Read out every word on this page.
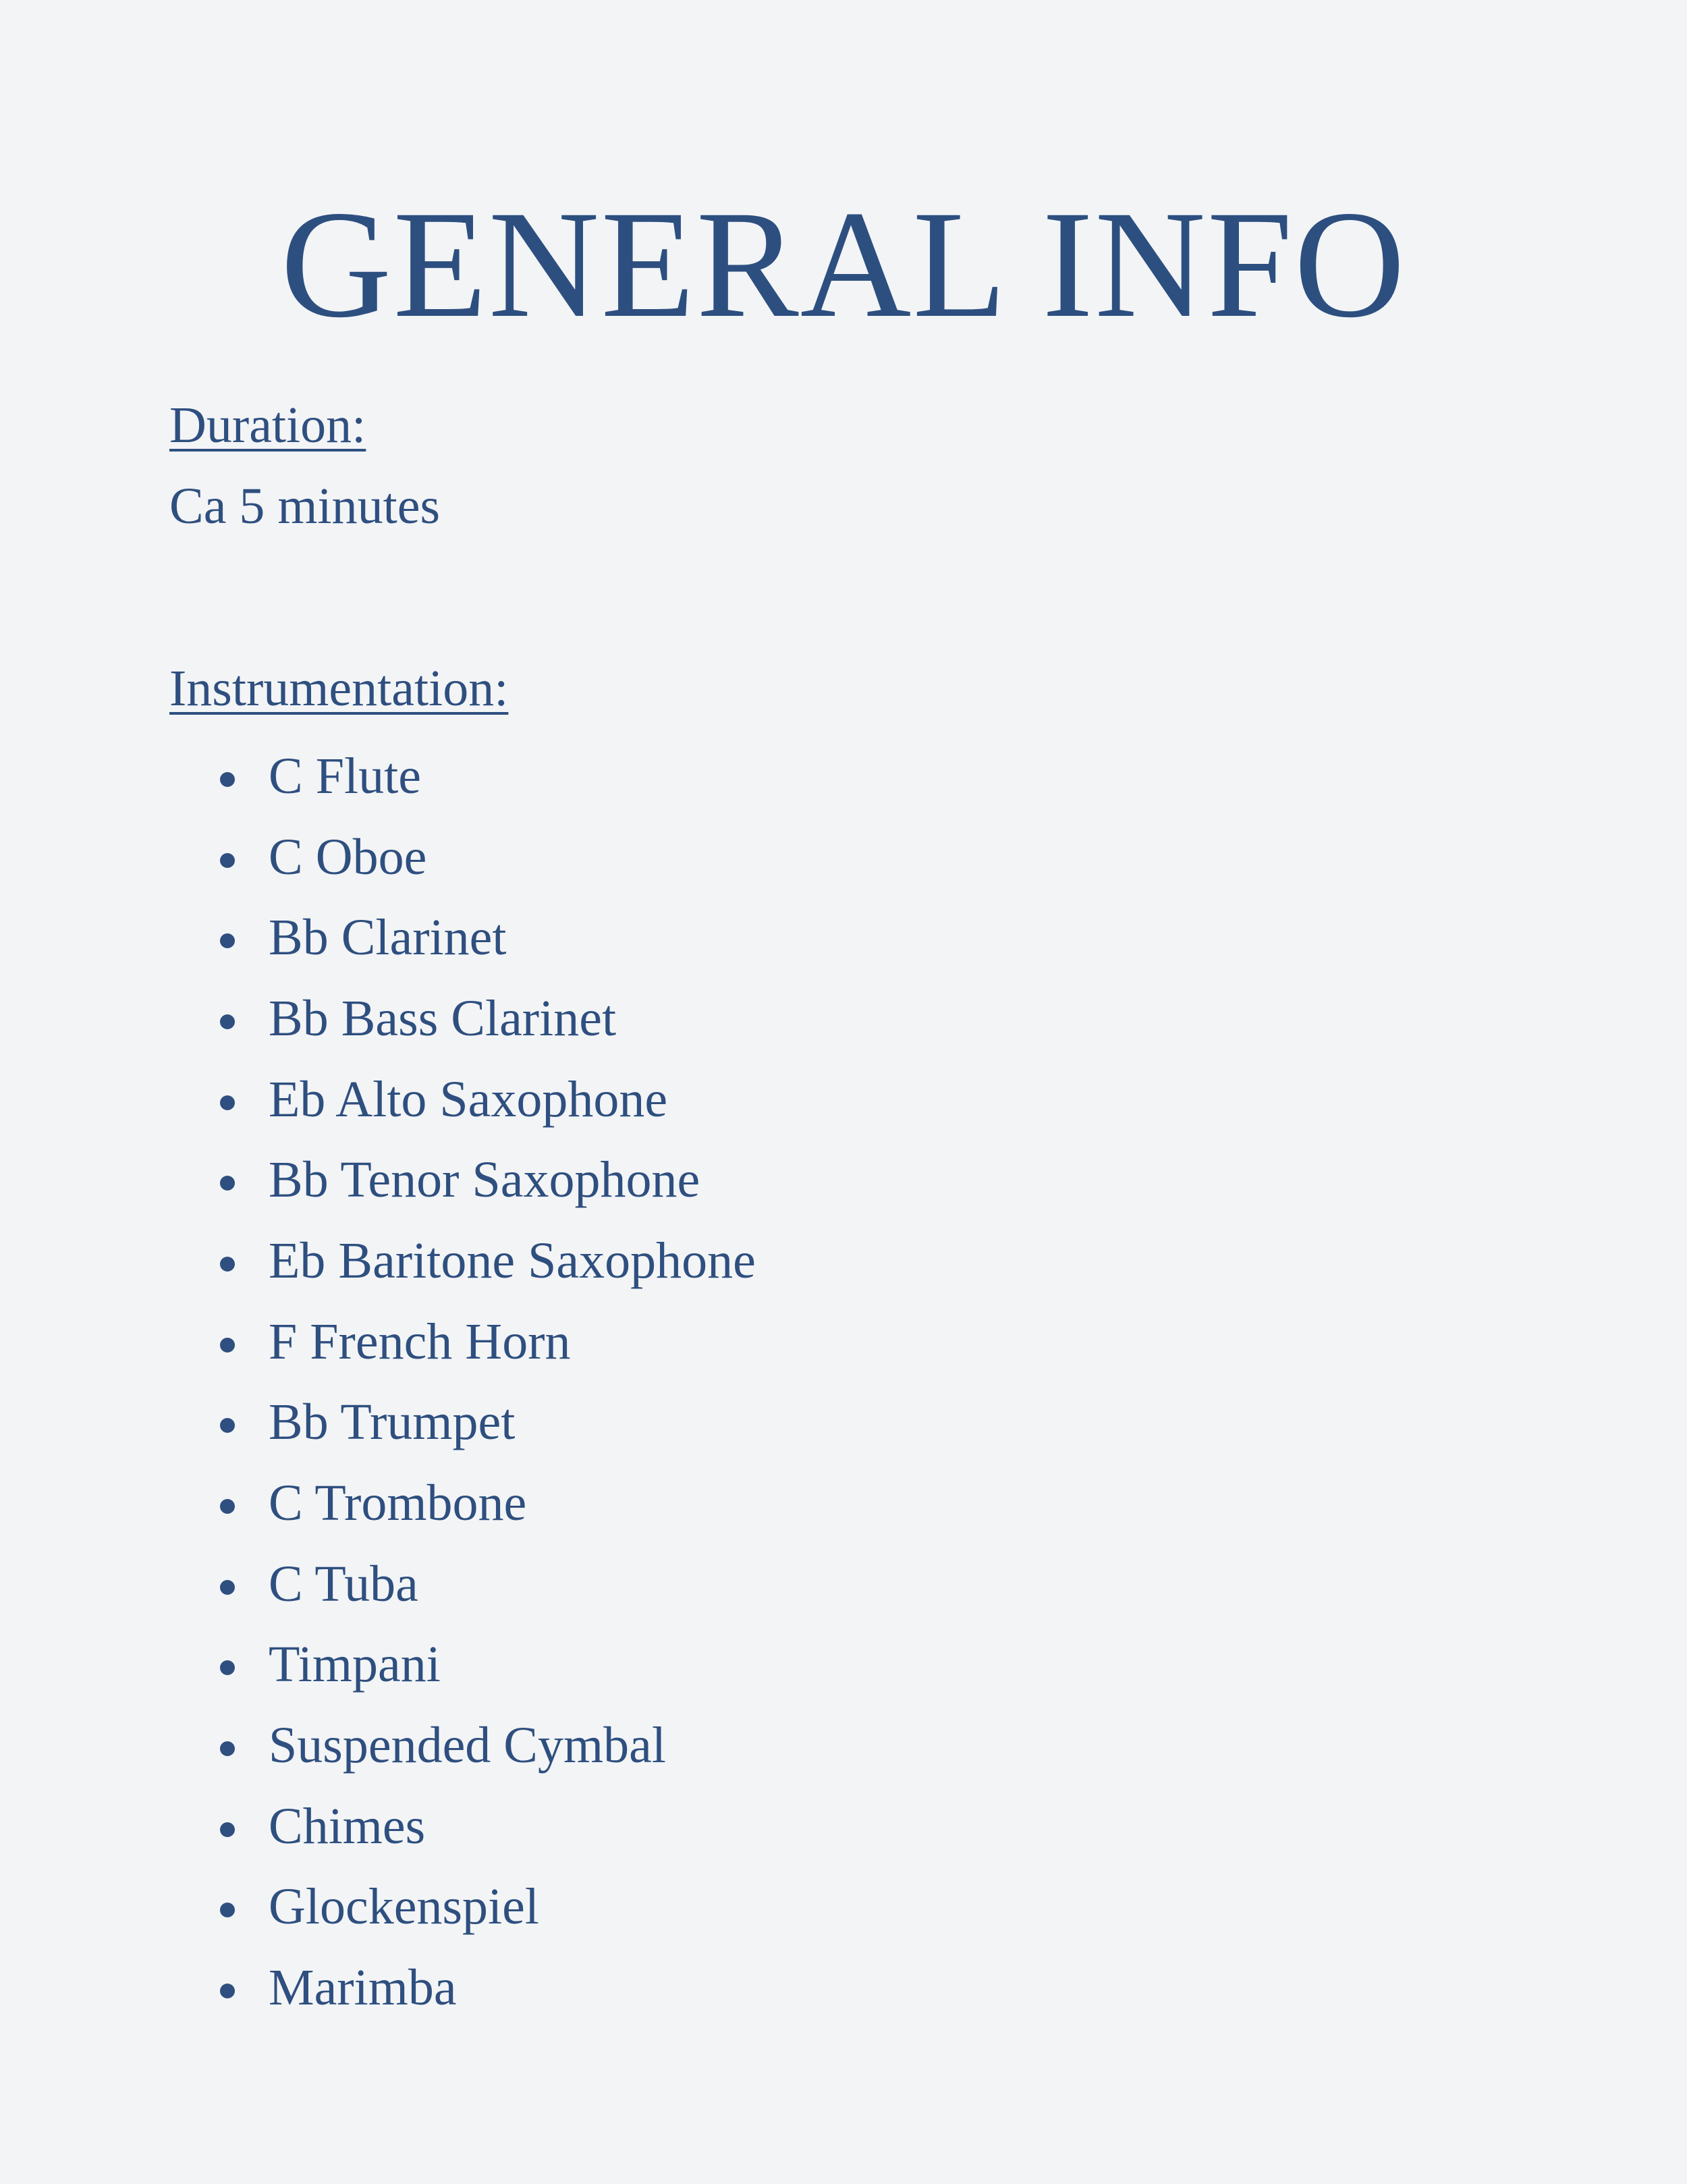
GENERAL INFO
Duration:

Ca 5 minutes

Instrumentation:
C Flute
C Oboe
Bb Clarinet
Bb Bass Clarinet
Eb Alto Saxophone
Bb Tenor Saxophone
Eb Baritone Saxophone
F French Horn
Bb Trumpet
C Trombone
C Tuba
Timpani
Suspended Cymbal
Chimes
Glockenspiel
Marimba
